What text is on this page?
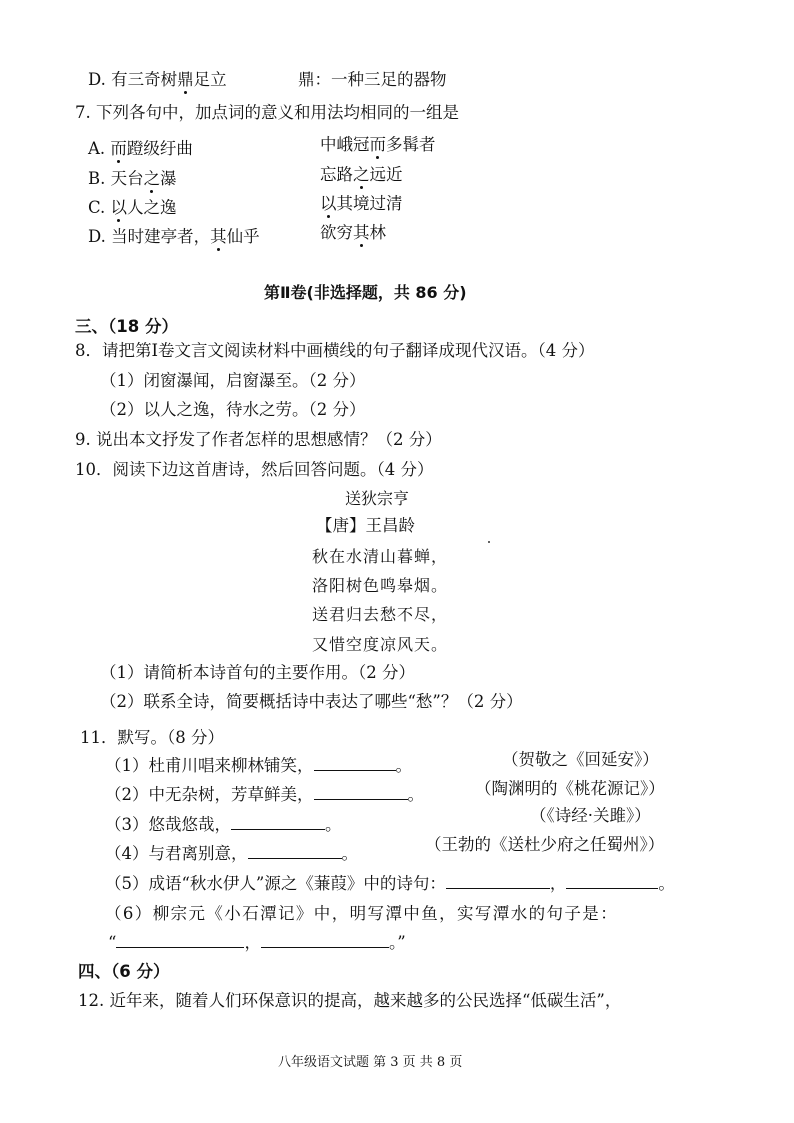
D. 有三奇树鼎足立	鼎：一种三足的器物
7. 下列各句中，加点词的意义和用法均相同的一组是
A. 而蹬级纡曲	中峨冠而多髯者
B. 天台之瀑	忘路之远近
C. 以人之逸	以其境过清
D. 当时建亭者，其仙乎	欲穷其林
第Ⅱ卷(非选择题，共 86 分)
三、（18 分）
8．请把第Ⅰ卷文言文阅读材料中画横线的句子翻译成现代汉语。（4 分）
（1）闭窗瀑闻，启窗瀑至。（2 分）
（2）以人之逸，待水之劳。（2 分）
9. 说出本文抒发了作者怎样的思想感情？（2 分）
10．阅读下边这首唐诗，然后回答问题。（4 分）
送狄宗亨
【唐】王昌龄
秋在水清山暮蝉，
洛阳树色鸣皋烟。
送君归去愁不尽，
又惜空度凉风天。
（1）请简析本诗首句的主要作用。（2 分）
（2）联系全诗，简要概括诗中表达了哪些“愁”？（2 分）
11．默写。（8 分）
（1）杜甫川唱来柳林铺笑，	。	（贺敬之《回延安》）
（2）中无杂树，芳草鲜美，	。	（陶渊明的《桃花源记》）
（3）悠哉悠哉，	。	（《诗经·关雎》）
（4）与君离别意，	。	（王勃的《送杜少府之任蜀州》）
（5）成语“秋水伊人”源之《蒹葭》中的诗句：	，	。
（6）柳宗元《小石潭记》中，明写潭中鱼，实写潭水的句子是：
“	，	。”
四、（6 分）
12. 近年来，随着人们环保意识的提高，越来越多的公民选择“低碳生活”，
八年级语文试题 第 3 页 共 8 页
